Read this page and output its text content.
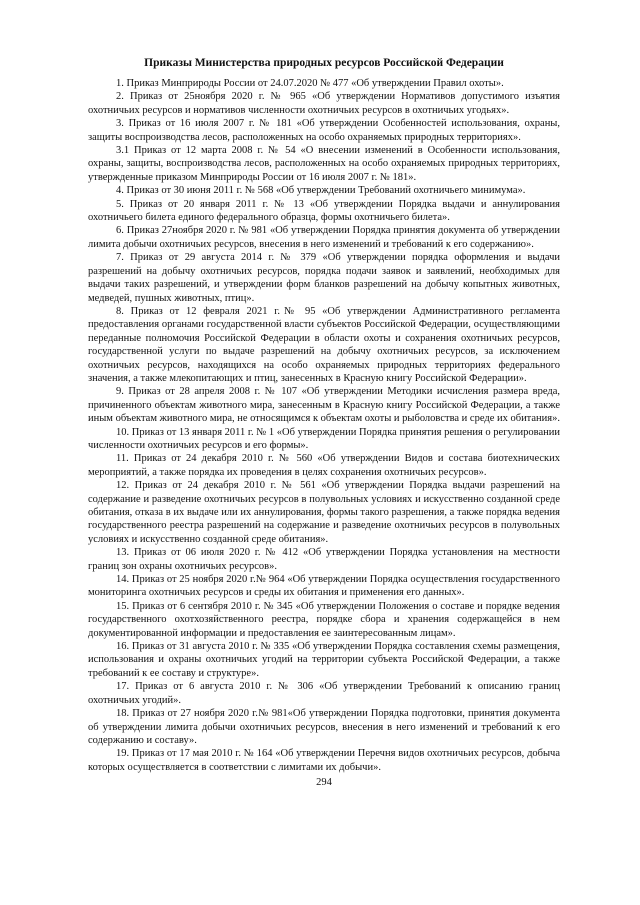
Приказы Министерства природных ресурсов Российской Федерации

1. Приказ Минприроды России от 24.07.2020 № 477 «Об утверждении Правил охоты».

2. Приказ от 25ноября 2020 г. № 965 «Об утверждении Нормативов допустимого изъятия охотничьих ресурсов и нормативов численности охотничьих ресурсов в охотничьих угодьях».

3. Приказ от 16 июля 2007 г. № 181 «Об утверждении Особенностей использования, охраны, защиты воспроизводства лесов, расположенных на особо охраняемых природных территориях».

3.1 Приказ от 12 марта 2008 г. № 54 «О внесении изменений в Особенности использования, охраны, защиты, воспроизводства лесов, расположенных на особо охраняемых природных территориях, утвержденные приказом Минприроды России от 16 июля 2007 г. № 181».

4. Приказ от 30 июня 2011 г. № 568 «Об утверждении Требований охотничьего минимума».

5. Приказ от 20 января 2011 г. № 13 «Об утверждении Порядка выдачи и аннулирования охотничьего билета единого федерального образца, формы охотничьего билета».

6. Приказ 27ноября 2020 г. № 981 «Об утверждении Порядка принятия документа об утверждении лимита добычи охотничьих ресурсов, внесения в него изменений и требований к его содержанию».

7. Приказ от 29 августа 2014 г. № 379 «Об утверждении порядка оформления и выдачи разрешений на добычу охотничьих ресурсов, порядка подачи заявок и заявлений, необходимых для выдачи таких разрешений, и утверждении форм бланков разрешений на добычу копытных животных, медведей, пушных животных, птиц».

8. Приказ от 12 февраля 2021 г.№ 95 «Об утверждении Административного регламента предоставления органами государственной власти субъектов Российской Федерации, осуществляющими переданные полномочия Российской Федерации в области охоты и сохранения охотничьих ресурсов, государственной услуги по выдаче разрешений на добычу охотничьих ресурсов, за исключением охотничьих ресурсов, находящихся на особо охраняемых природных территориях федерального значения, а также млекопитающих и птиц, занесенных в Красную книгу Российской Федерации».

9. Приказ от 28 апреля 2008 г. № 107 «Об утверждении Методики исчисления размера вреда, причиненного объектам животного мира, занесенным в Красную книгу Российской Федерации, а также иным объектам животного мира, не относящимся к объектам охоты и рыболовства и среде их обитания».

10. Приказ от 13 января 2011 г. № 1 «Об утверждении Порядка принятия решения о регулировании численности охотничьих ресурсов и его формы».

11. Приказ от 24 декабря 2010 г. № 560 «Об утверждении Видов и состава биотехнических мероприятий, а также порядка их проведения в целях сохранения охотничьих ресурсов».

12. Приказ от 24 декабря 2010 г. № 561 «Об утверждении Порядка выдачи разрешений на содержание и разведение охотничьих ресурсов в полувольных условиях и искусственно созданной среде обитания, отказа в их выдаче или их аннулирования, формы такого разрешения, а также порядка ведения государственного реестра разрешений на содержание и разведение охотничьих ресурсов в полувольных условиях и искусственно созданной среде обитания».

13. Приказ от 06 июля 2020 г. № 412 «Об утверждении Порядка установления на местности границ зон охраны охотничьих ресурсов».

14. Приказ от 25 ноября 2020 г.№ 964 «Об утверждении Порядка осуществления государственного мониторинга охотничьих ресурсов и среды их обитания и применения его данных».

15. Приказ от 6 сентября 2010 г. № 345 «Об утверждении Положения о составе и порядке ведения государственного охотхозяйственного реестра, порядке сбора и хранения содержащейся в нем документированной информации и предоставления ее заинтересованным лицам».

16. Приказ от 31 августа 2010 г. № 335 «Об утверждении Порядка составления схемы размещения, использования и охраны охотничьих угодий на территории субъекта Российской Федерации, а также требований к ее составу и структуре».

17. Приказ от 6 августа 2010 г. № 306 «Об утверждении Требований к описанию границ охотничьих угодий».

18. Приказ от 27 ноября 2020 г.№ 981«Об утверждении Порядка подготовки, принятия документа об утверждении лимита добычи охотничьих ресурсов, внесения в него изменений и требований к его содержанию и составу».

19. Приказ от 17 мая 2010 г. № 164 «Об утверждении Перечня видов охотничьих ресурсов, добыча которых осуществляется в соответствии с лимитами их добычи».

294
